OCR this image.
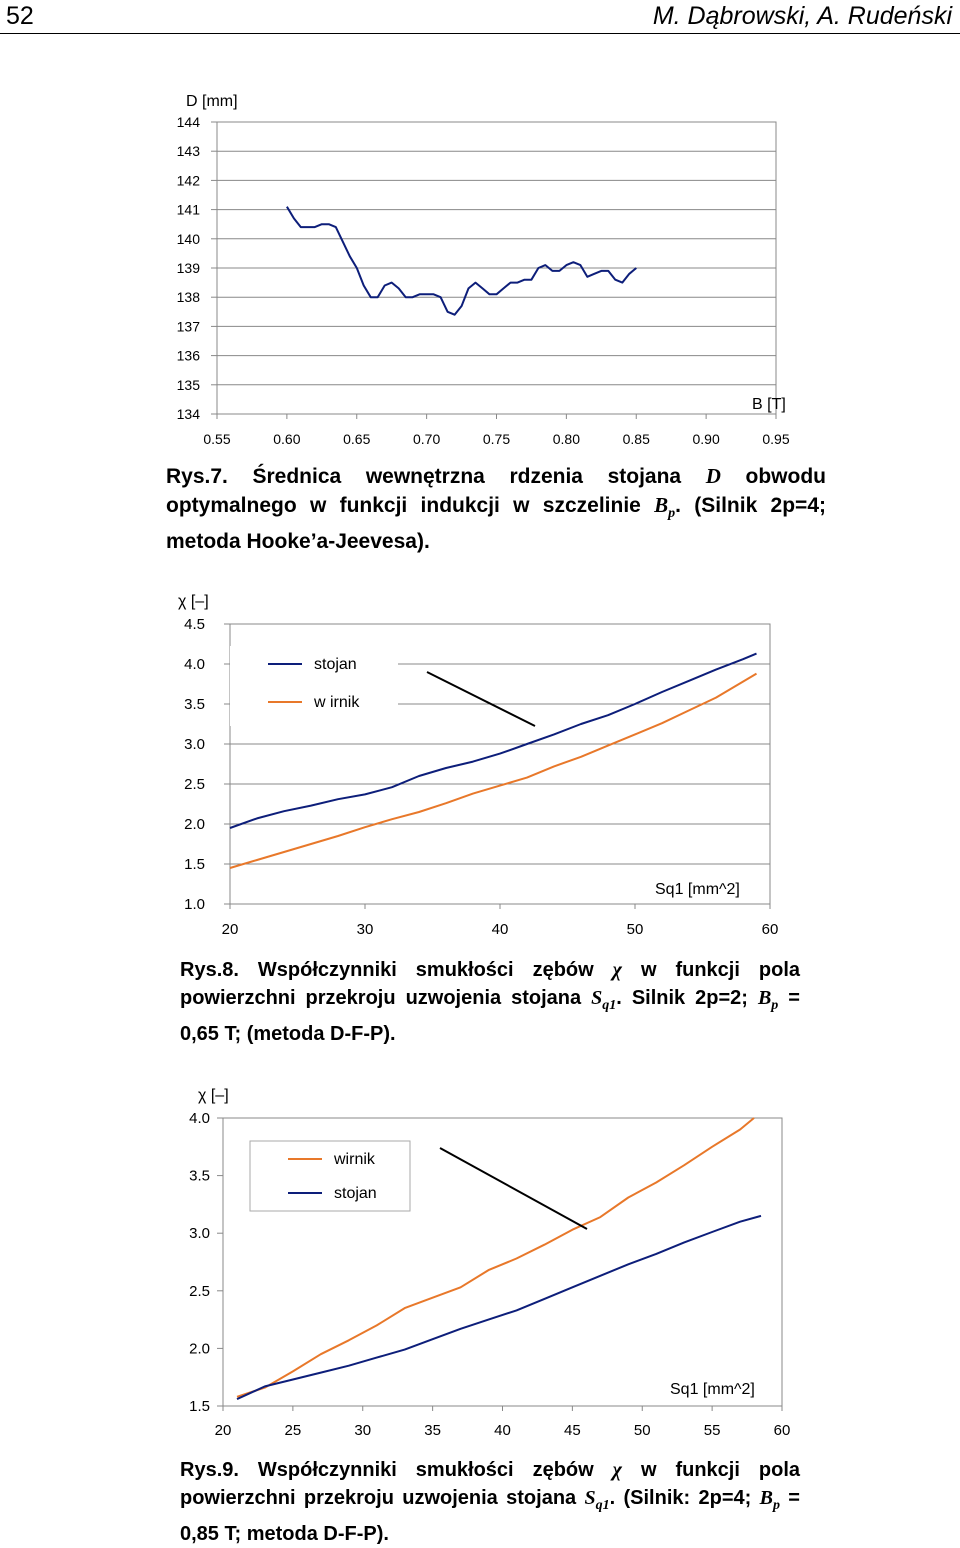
52	M. Dąbrowski, A. Rudeński
144
143
142
141
140
139
138
137
136
135
134
0.55	0.60	0.65	0.70	0.75	0.80	0.85	0.90	0.95
D [mm]
B [T]
Rys.7. Średnica wewnętrzna rdzenia stojana D obwodu optymalnego w funkcji indukcji w szczelinie $B_p$. (Silnik 2p=4; metoda Hooke’a-Jeevesa).
4.5
4.0
3.5
3.0
2.5
2.0
1.5
1.0
20	30	40	50	60
χ [–]
Sq1 [mm^2]
stojan
w irnik
Rys.8. Współczynniki smukłości zębów χ w funkcji pola powierzchni przekroju uzwojenia stojana $S_{q1}$. Silnik 2p=2; $B_p = 0,65$ T; (metoda D-F-P).
4.0
3.5
3.0
2.5
2.0
1.5
20	25	30	35	40	45	50	55	60
χ [–]
Sq1 [mm^2]
wirnik
stojan
Rys.9. Współczynniki smukłości zębów χ w funkcji pola powierzchni przekroju uzwojenia stojana $S_{q1}$. (Silnik: 2p=4; $B_p = 0,85$ T; metoda D-F-P).
